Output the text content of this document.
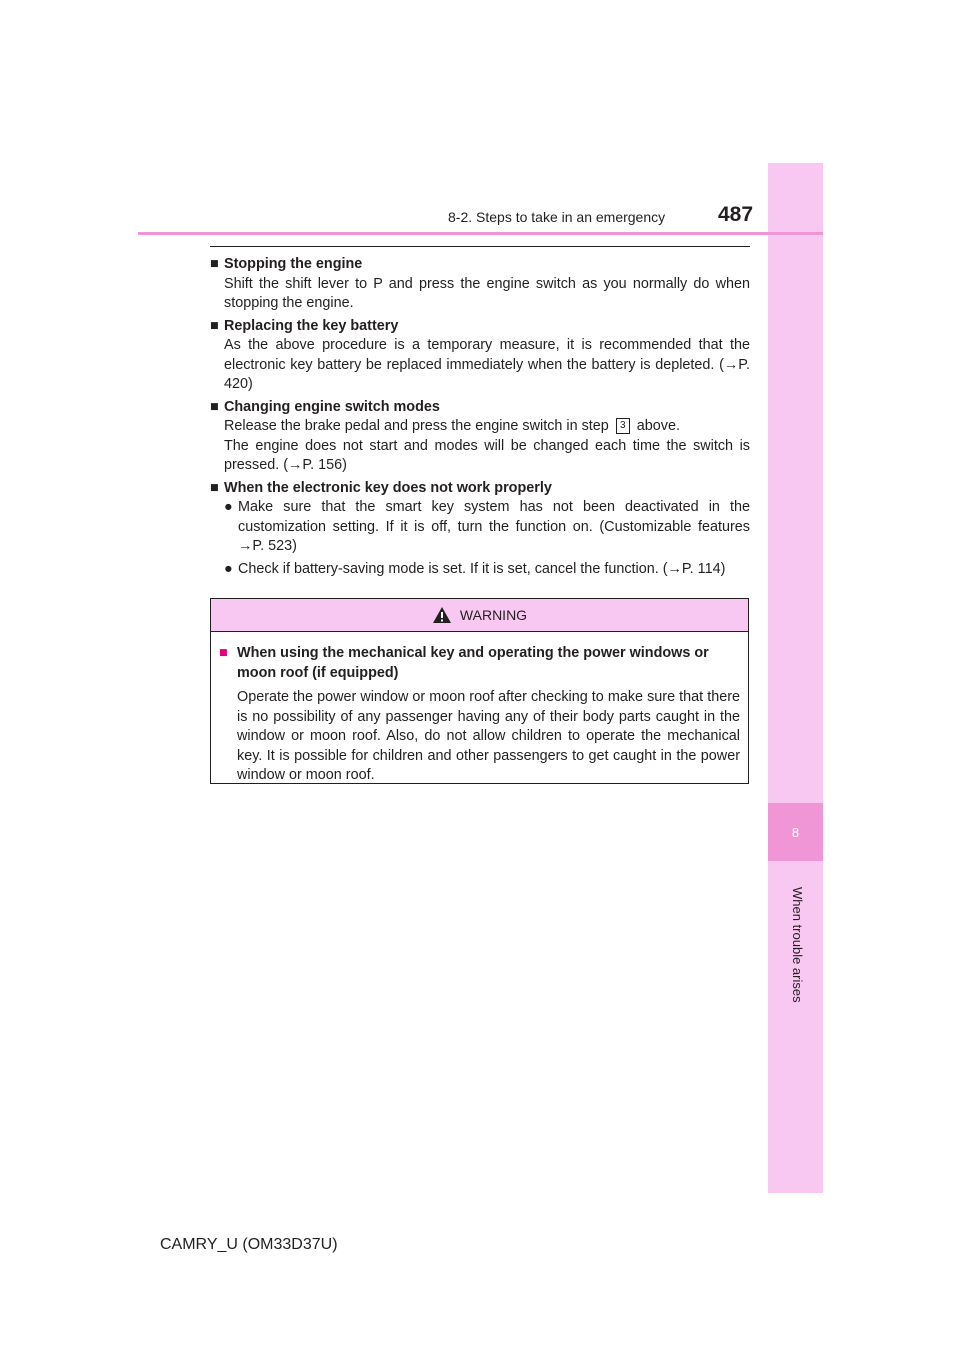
8
When trouble arises
8-2. Steps to take in an emergency	487
■ Stopping the engine
Shift the shift lever to P and press the engine switch as you normally do when stopping the engine.
■ Replacing the key battery
As the above procedure is a temporary measure, it is recommended that the electronic key battery be replaced immediately when the battery is depleted. (→P. 420)
■ Changing engine switch modes
Release the brake pedal and press the engine switch in step 3 above.
The engine does not start and modes will be changed each time the switch is pressed. (→P. 156)
■ When the electronic key does not work properly
● Make sure that the smart key system has not been deactivated in the customization setting. If it is off, turn the function on. (Customizable features →P. 523)
● Check if battery-saving mode is set. If it is set, cancel the function. (→P. 114)
WARNING
■ When using the mechanical key and operating the power windows or moon roof (if equipped)
Operate the power window or moon roof after checking to make sure that there is no possibility of any passenger having any of their body parts caught in the window or moon roof. Also, do not allow children to operate the mechanical key. It is possible for children and other passengers to get caught in the power window or moon roof.
CAMRY_U (OM33D37U)
